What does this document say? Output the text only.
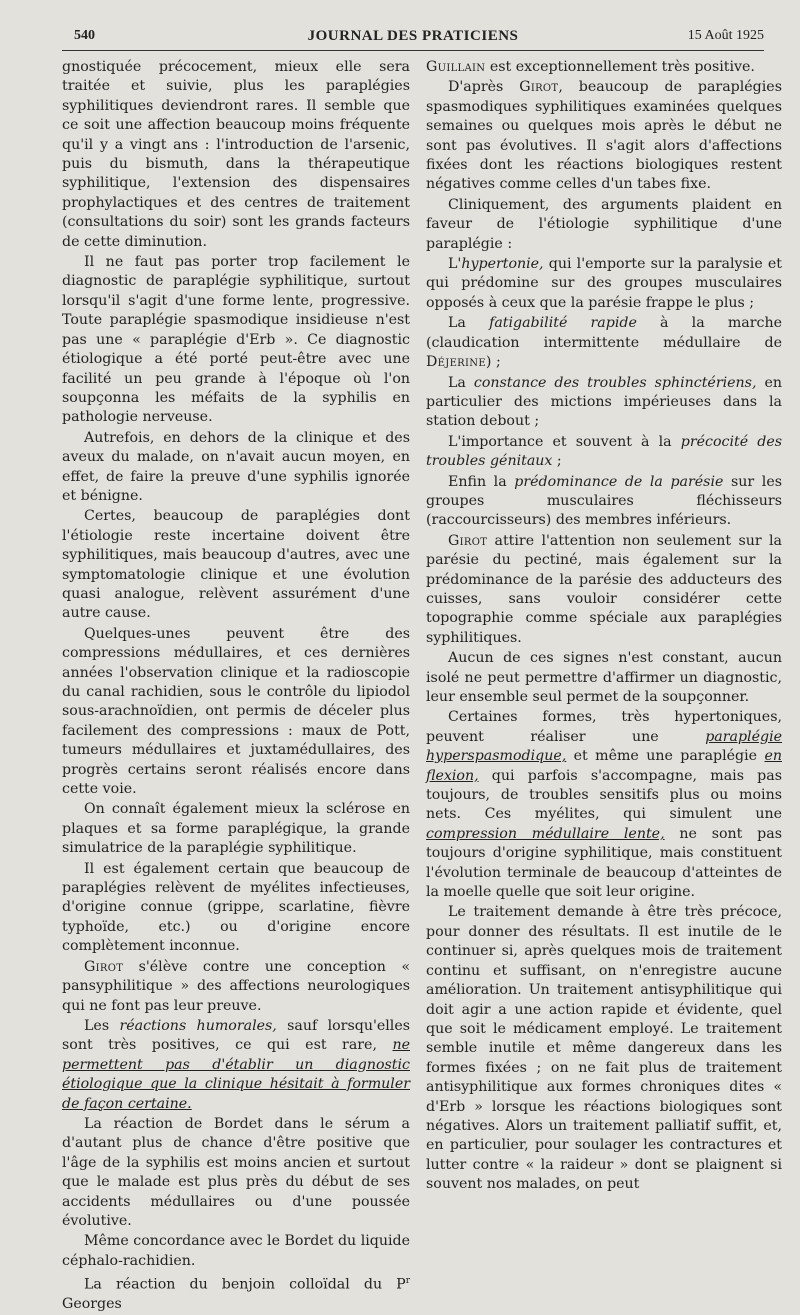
540	JOURNAL DES PRATICIENS	15 Août 1925

gnostiquée précocement, mieux elle sera traitée et suivie, plus les paraplégies syphilitiques deviendront rares. Il semble que ce soit une affection beaucoup moins fréquente qu'il y a vingt ans : l'introduction de l'arsenic, puis du bismuth, dans la thérapeutique syphilitique, l'extension des dispensaires prophylactiques et des centres de traitement (consultations du soir) sont les grands facteurs de cette diminution.

Il ne faut pas porter trop facilement le diagnostic de paraplégie syphilitique, surtout lorsqu'il s'agit d'une forme lente, progressive. Toute paraplégie spasmodique insidieuse n'est pas une « paraplégie d'Erb ». Ce diagnostic étiologique a été porté peut-être avec une facilité un peu grande à l'époque où l'on soupçonna les méfaits de la syphilis en pathologie nerveuse.

Autrefois, en dehors de la clinique et des aveux du malade, on n'avait aucun moyen, en effet, de faire la preuve d'une syphilis ignorée et bénigne.

Certes, beaucoup de paraplégies dont l'étiologie reste incertaine doivent être syphilitiques, mais beaucoup d'autres, avec une symptomatologie clinique et une évolution quasi analogue, relèvent assurément d'une autre cause.

Quelques-unes peuvent être des compressions médullaires, et ces dernières années l'observation clinique et la radioscopie du canal rachidien, sous le contrôle du lipiodol sous-arachnoïdien, ont permis de déceler plus facilement des compressions : maux de Pott, tumeurs médullaires et juxtamédullaires, des progrès certains seront réalisés encore dans cette voie.

On connaît également mieux la sclérose en plaques et sa forme paraplégique, la grande simulatrice de la paraplégie syphilitique.

Il est également certain que beaucoup de paraplégies relèvent de myélites infectieuses, d'origine connue (grippe, scarlatine, fièvre typhoïde, etc.) ou d'origine encore complètement inconnue.

Girot s'élève contre une conception « pansyphilitique » des affections neurologiques qui ne font pas leur preuve.

Les réactions humorales, sauf lorsqu'elles sont très positives, ce qui est rare, ne permettent pas d'établir un diagnostic étiologique que la clinique hésitait à formuler de façon certaine.

La réaction de Bordet dans le sérum a d'autant plus de chance d'être positive que l'âge de la syphilis est moins ancien et surtout que le malade est plus près du début de ses accidents médullaires ou d'une poussée évolutive.

Même concordance avec le Bordet du liquide céphalo-rachidien.

La réaction du benjoin colloïdal du $P^r$ Georges

Guillain est exceptionnellement très positive.

D'après Girot, beaucoup de paraplégies spasmodiques syphilitiques examinées quelques semaines ou quelques mois après le début ne sont pas évolutives. Il s'agit alors d'affections fixées dont les réactions biologiques restent négatives comme celles d'un tabes fixe.

Cliniquement, des arguments plaident en faveur de l'étiologie syphilitique d'une paraplégie :

L'hypertonie, qui l'emporte sur la paralysie et qui prédomine sur des groupes musculaires opposés à ceux que la parésie frappe le plus ;

La fatigabilité rapide à la marche (claudication intermittente médullaire de Déjerine) ;

La constance des troubles sphinctériens, en particulier des mictions impérieuses dans la station debout ;

L'importance et souvent à la précocité des troubles génitaux ;

Enfin la prédominance de la parésie sur les groupes musculaires fléchisseurs (raccourcisseurs) des membres inférieurs.

Girot attire l'attention non seulement sur la parésie du pectiné, mais également sur la prédominance de la parésie des adducteurs des cuisses, sans vouloir considérer cette topographie comme spéciale aux paraplégies syphilitiques.

Aucun de ces signes n'est constant, aucun isolé ne peut permettre d'affirmer un diagnostic, leur ensemble seul permet de la soupçonner.

Certaines formes, très hypertoniques, peuvent réaliser une paraplégie hyperspasmodique, et même une paraplégie en flexion, qui parfois s'accompagne, mais pas toujours, de troubles sensitifs plus ou moins nets. Ces myélites, qui simulent une compression médullaire lente, ne sont pas toujours d'origine syphilitique, mais constituent l'évolution terminale de beaucoup d'atteintes de la moelle quelle que soit leur origine.

Le traitement demande à être très précoce, pour donner des résultats. Il est inutile de le continuer si, après quelques mois de traitement continu et suffisant, on n'enregistre aucune amélioration. Un traitement antisyphilitique qui doit agir a une action rapide et évidente, quel que soit le médicament employé. Le traitement semble inutile et même dangereux dans les formes fixées ; on ne fait plus de traitement antisyphilitique aux formes chroniques dites « d'Erb » lorsque les réactions biologiques sont négatives. Alors un traitement palliatif suffit, et, en particulier, pour soulager les contractures et lutter contre « la raideur » dont se plaignent si souvent nos malades, on peut
